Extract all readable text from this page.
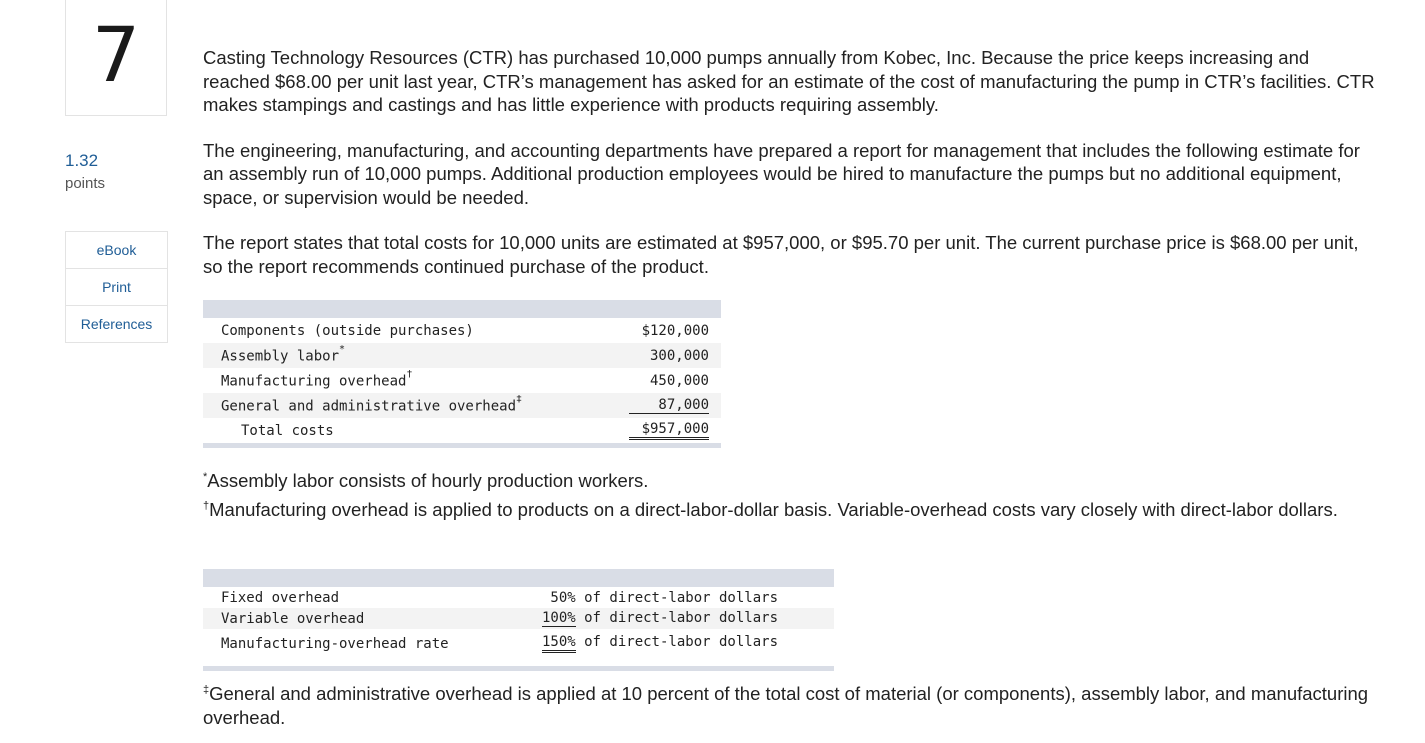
7
1.32
points
eBook
Print
References

Casting Technology Resources (CTR) has purchased 10,000 pumps annually from Kobec, Inc. Because the price keeps increasing and reached $68.00 per unit last year, CTR’s management has asked for an estimate of the cost of manufacturing the pump in CTR’s facilities. CTR makes stampings and castings and has little experience with products requiring assembly.

The engineering, manufacturing, and accounting departments have prepared a report for management that includes the following estimate for an assembly run of 10,000 pumps. Additional production employees would be hired to manufacture the pumps but no additional equipment, space, or supervision would be needed.

The report states that total costs for 10,000 units are estimated at $957,000, or $95.70 per unit. The current purchase price is $68.00 per unit, so the report recommends continued purchase of the product.

Components (outside purchases)	$120,000
Assembly labor*	300,000
Manufacturing overhead†	450,000
General and administrative overhead‡	87,000
Total costs	$957,000
*Assembly labor consists of hourly production workers.
†Manufacturing overhead is applied to products on a direct-labor-dollar basis. Variable-overhead costs vary closely with direct-labor dollars.
Fixed overhead	50% of direct-labor dollars
Variable overhead	100% of direct-labor dollars
Manufacturing-overhead rate	150% of direct-labor dollars
‡General and administrative overhead is applied at 10 percent of the total cost of material (or components), assembly labor, and manufacturing overhead.
